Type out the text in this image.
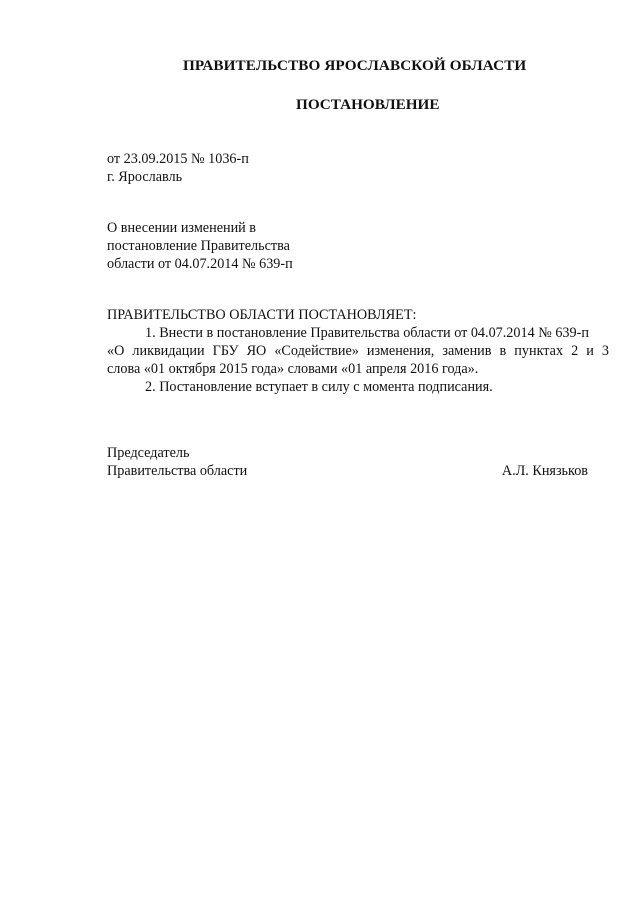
ПРАВИТЕЛЬСТВО ЯРОСЛАВСКОЙ ОБЛАСТИ
ПОСТАНОВЛЕНИЕ
от 23.09.2015 № 1036-п
г. Ярославль
О внесении изменений в
постановление Правительства
области от 04.07.2014 № 639-п
ПРАВИТЕЛЬСТВО ОБЛАСТИ ПОСТАНОВЛЯЕТ:
1. Внести в постановление Правительства области от 04.07.2014 № 639-п
«О ликвидации ГБУ ЯО «Содействие» изменения, заменив в пунктах 2 и 3
слова «01 октября 2015 года» словами «01 апреля 2016 года».
2. Постановление вступает в силу с момента подписания.
Председатель
Правительства области	А.Л. Князьков
